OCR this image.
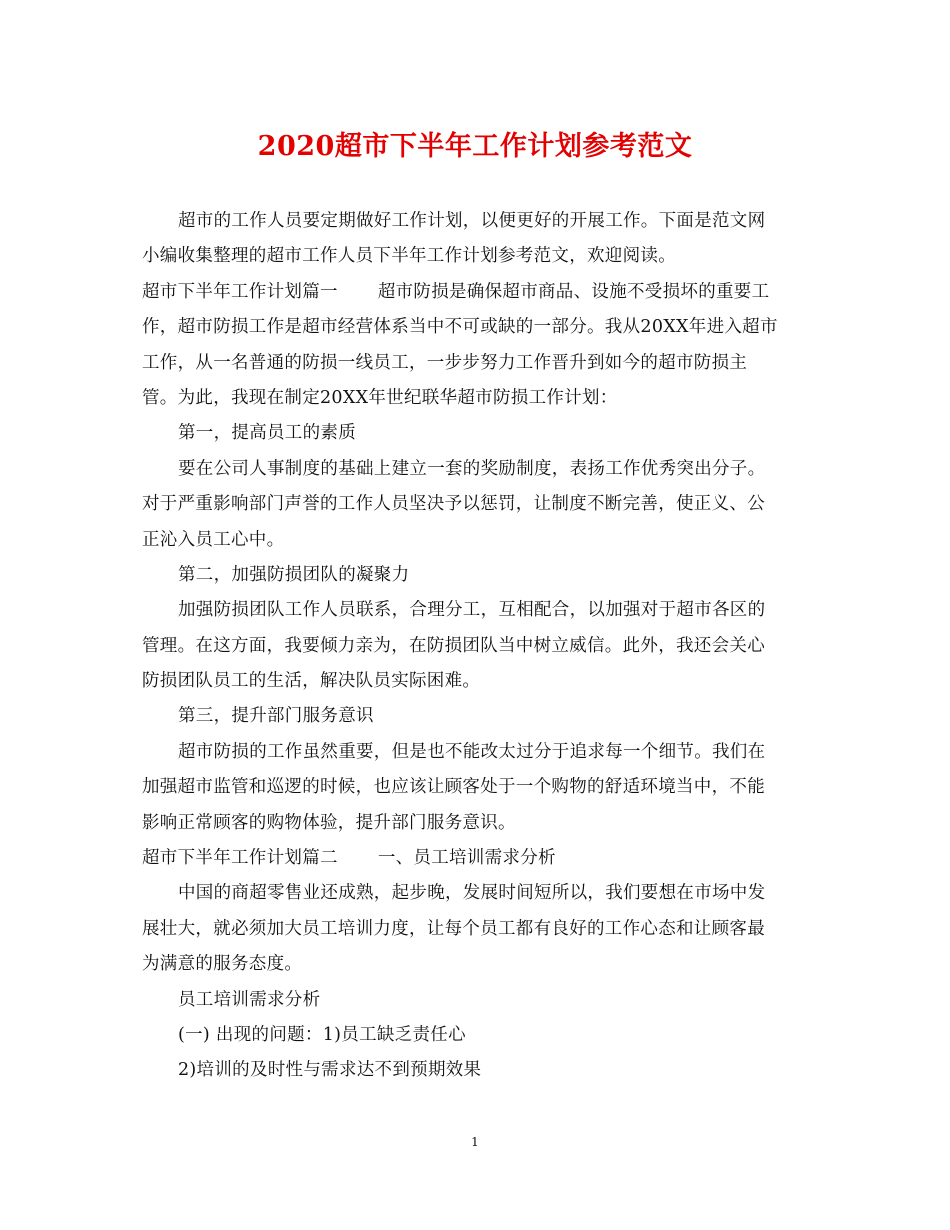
2020超市下半年工作计划参考范文
超市的工作人员要定期做好工作计划，以便更好的开展工作。下面是范文网
小编收集整理的超市工作人员下半年工作计划参考范文，欢迎阅读。
超市下半年工作计划篇一 超市防损是确保超市商品、设施不受损坏的重要工
作，超市防损工作是超市经营体系当中不可或缺的一部分。我从20XX年进入超市
工作，从一名普通的防损一线员工，一步步努力工作晋升到如今的超市防损主
管。为此，我现在制定20XX年世纪联华超市防损工作计划：
第一，提高员工的素质
要在公司人事制度的基础上建立一套的奖励制度，表扬工作优秀突出分子。
对于严重影响部门声誉的工作人员坚决予以惩罚，让制度不断完善，使正义、公
正沁入员工心中。
第二，加强防损团队的凝聚力
加强防损团队工作人员联系，合理分工，互相配合，以加强对于超市各区的
管理。在这方面，我要倾力亲为，在防损团队当中树立威信。此外，我还会关心
防损团队员工的生活，解决队员实际困难。
第三，提升部门服务意识
超市防损的工作虽然重要，但是也不能改太过分于追求每一个细节。我们在
加强超市监管和巡逻的时候，也应该让顾客处于一个购物的舒适环境当中，不能
影响正常顾客的购物体验，提升部门服务意识。
超市下半年工作计划篇二 一、员工培训需求分析
中国的商超零售业还成熟，起步晚，发展时间短所以，我们要想在市场中发
展壮大，就必须加大员工培训力度，让每个员工都有良好的工作心态和让顾客最
为满意的服务态度。
员工培训需求分析
(一) 出现的问题：1)员工缺乏责任心
2)培训的及时性与需求达不到预期效果
1
